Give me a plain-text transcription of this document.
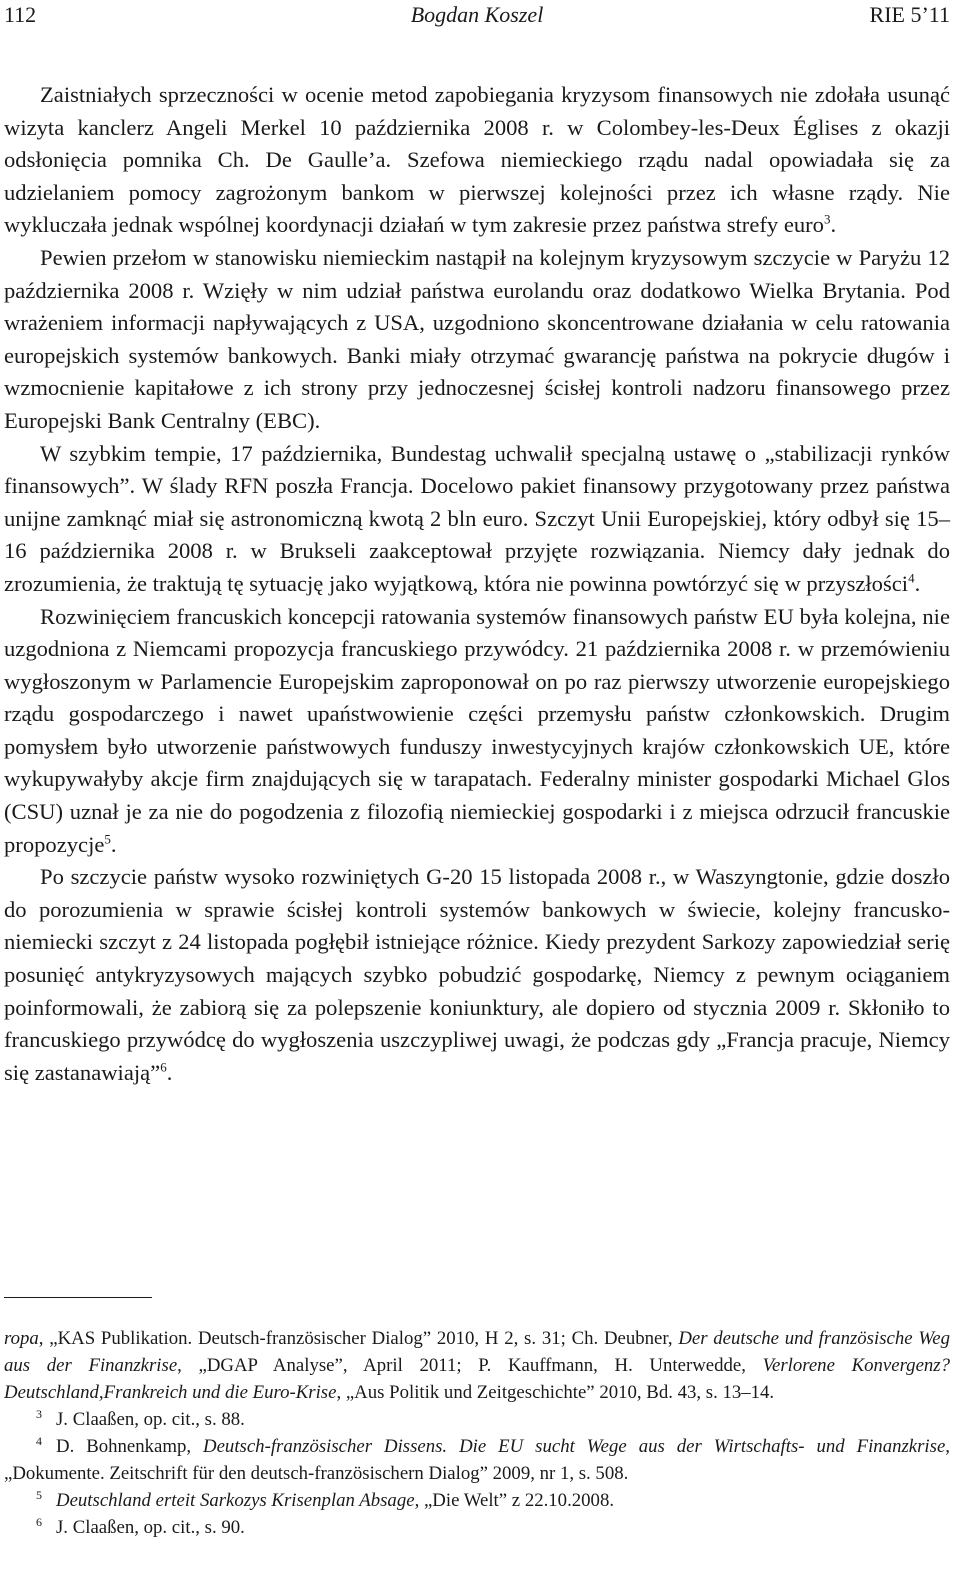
112	Bogdan Koszel	RIE 5’11

Zaistniałych sprzeczności w ocenie metod zapobiegania kryzysom finansowych nie zdołała usunąć wizyta kanclerz Angeli Merkel 10 października 2008 r. w Colombey-les-Deux Églises z okazji odsłonięcia pomnika Ch. De Gaulle’a. Szefowa niemieckiego rządu nadal opowiadała się za udzielaniem pomocy zagrożonym bankom w pierwszej kolejności przez ich własne rządy. Nie wykluczała jednak wspólnej koordynacji działań w tym zakresie przez państwa strefy euro$^3$.

Pewien przełom w stanowisku niemieckim nastąpił na kolejnym kryzysowym szczycie w Paryżu 12 października 2008 r. Wzięły w nim udział państwa eurolandu oraz dodatkowo Wielka Brytania. Pod wrażeniem informacji napływających z USA, uzgodniono skoncentrowane działania w celu ratowania europejskich systemów bankowych. Banki miały otrzymać gwarancję państwa na pokrycie długów i wzmocnienie kapitałowe z ich strony przy jednoczesnej ścisłej kontroli nadzoru finansowego przez Europejski Bank Centralny (EBC).

W szybkim tempie, 17 października, Bundestag uchwalił specjalną ustawę o „stabilizacji rynków finansowych”. W ślady RFN poszła Francja. Docelowo pakiet finansowy przygotowany przez państwa unijne zamknąć miał się astronomiczną kwotą 2 bln euro. Szczyt Unii Europejskiej, który odbył się 15–16 października 2008 r. w Brukseli zaakceptował przyjęte rozwiązania. Niemcy dały jednak do zrozumienia, że traktują tę sytuację jako wyjątkową, która nie powinna powtórzyć się w przyszłości$^4$.

Rozwinięciem francuskich koncepcji ratowania systemów finansowych państw EU była kolejna, nie uzgodniona z Niemcami propozycja francuskiego przywódcy. 21 października 2008 r. w przemówieniu wygłoszonym w Parlamencie Europejskim zaproponował on po raz pierwszy utworzenie europejskiego rządu gospodarczego i nawet upaństwowienie części przemysłu państw członkowskich. Drugim pomysłem było utworzenie państwowych funduszy inwestycyjnych krajów członkowskich UE, które wykupywałyby akcje firm znajdujących się w tarapatach. Federalny minister gospodarki Michael Glos (CSU) uznał je za nie do pogodzenia z filozofią niemieckiej gospodarki i z miejsca odrzucił francuskie propozycje$^5$.

Po szczycie państw wysoko rozwiniętych G-20 15 listopada 2008 r., w Waszyngtonie, gdzie doszło do porozumienia w sprawie ścisłej kontroli systemów bankowych w świecie, kolejny francusko-niemiecki szczyt z 24 listopada pogłębił istniejące różnice. Kiedy prezydent Sarkozy zapowiedział serię posunięć antykryzysowych mających szybko pobudzić gospodarkę, Niemcy z pewnym ociąganiem poinformowali, że zabiorą się za polepszenie koniunktury, ale dopiero od stycznia 2009 r. Skłoniło to francuskiego przywódcę do wygłoszenia uszczypliwej uwagi, że podczas gdy „Francja pracuje, Niemcy się zastanawiają”$^6$.

ropa, „KAS Publikation. Deutsch-französischer Dialog” 2010, H 2, s. 31; Ch. Deubner, Der deutsche und französische Weg aus der Finanzkrise, „DGAP Analyse”, April 2011; P. Kauffmann, H. Unterwedde, Verlorene Konvergenz? Deutschland,Frankreich und die Euro-Krise, „Aus Politik und Zeitgeschichte” 2010, Bd. 43, s. 13–14.

$^3$ J. Claaßen, op. cit., s. 88.

$^4$ D. Bohnenkamp, Deutsch-französischer Dissens. Die EU sucht Wege aus der Wirtschafts- und Finanzkrise, „Dokumente. Zeitschrift für den deutsch-französischern Dialog” 2009, nr 1, s. 508.

$^5$ Deutschland erteit Sarkozys Krisenplan Absage, „Die Welt” z 22.10.2008.

$^6$ J. Claaßen, op. cit., s. 90.
